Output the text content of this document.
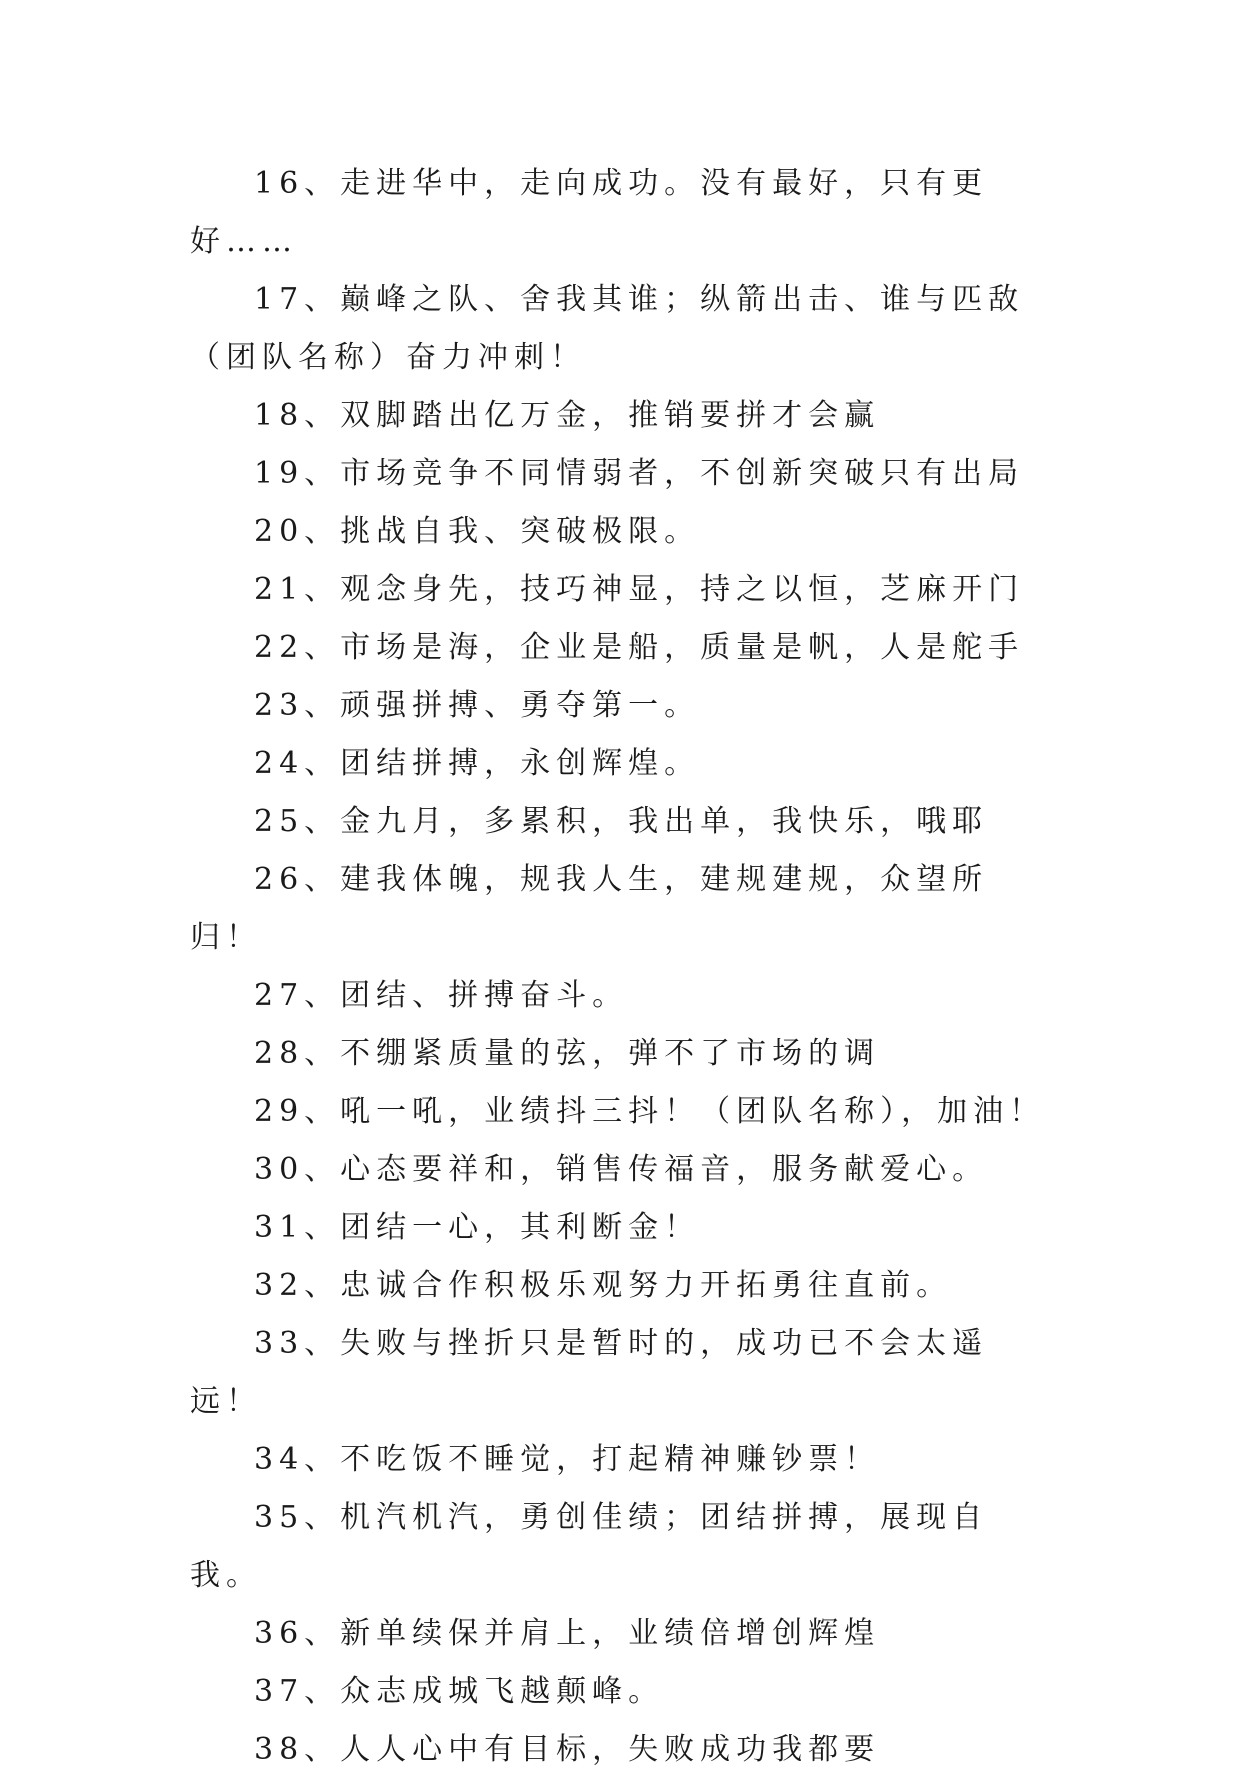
16、走进华中，走向成功。没有最好，只有更好……

17、巅峰之队、舍我其谁；纵箭出击、谁与匹敌（团队名称）奋力冲刺！

18、双脚踏出亿万金，推销要拼才会赢

19、市场竞争不同情弱者，不创新突破只有出局

20、挑战自我、突破极限。

21、观念身先，技巧神显，持之以恒，芝麻开门

22、市场是海，企业是船，质量是帆，人是舵手

23、顽强拼搏、勇夺第一。

24、团结拼搏，永创辉煌。

25、金九月，多累积，我出单，我快乐，哦耶

26、建我体魄，规我人生，建规建规，众望所归！

27、团结、拼搏奋斗。

28、不绷紧质量的弦，弹不了市场的调

29、吼一吼，业绩抖三抖！（团队名称），加油！

30、心态要祥和，销售传福音，服务献爱心。

31、团结一心，其利断金！

32、忠诚合作积极乐观努力开拓勇往直前。

33、失败与挫折只是暂时的，成功已不会太遥远！

34、不吃饭不睡觉，打起精神赚钞票！

35、机汽机汽，勇创佳绩；团结拼搏，展现自我。

36、新单续保并肩上，业绩倍增创辉煌

37、众志成城飞越颠峰。

38、人人心中有目标，失败成功我都要
